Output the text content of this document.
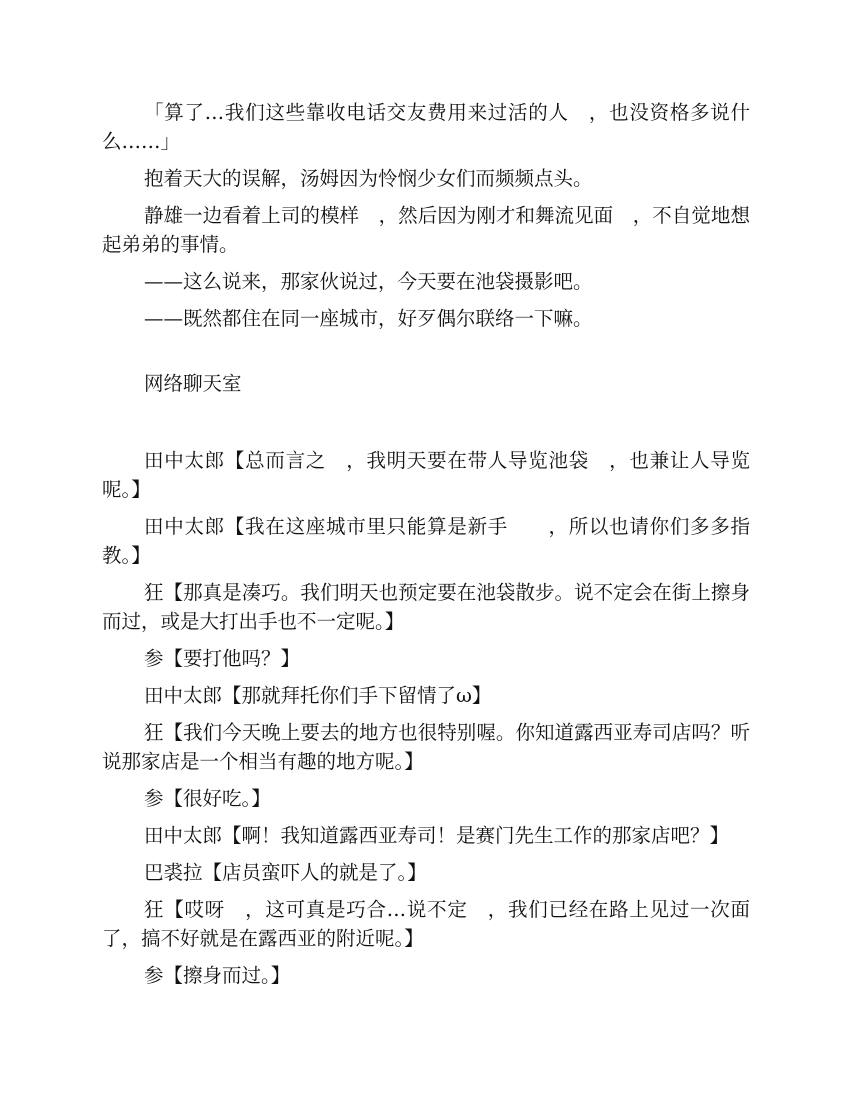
「算了…我们这些靠收电话交友费用来过活的人　，也没资格多说什么……」

抱着天大的误解，汤姆因为怜悯少女们而频频点头。

静雄一边看着上司的模样　，然后因为刚才和舞流见面　，不自觉地想起弟弟的事情。

——这么说来，那家伙说过，今天要在池袋摄影吧。

——既然都住在同一座城市，好歹偶尔联络一下嘛。

网络聊天室

田中太郎【总而言之　，我明天要在带人导览池袋　，也兼让人导览呢。】

田中太郎【我在这座城市里只能算是新手　　，所以也请你们多多指教。】

狂【那真是凑巧。我们明天也预定要在池袋散步。说不定会在街上擦身而过，或是大打出手也不一定呢。】

参【要打他吗？】

田中太郎【那就拜托你们手下留情了ω】

狂【我们今天晚上要去的地方也很特别喔。你知道露西亚寿司店吗？听说那家店是一个相当有趣的地方呢。】

参【很好吃。】

田中太郎【啊！我知道露西亚寿司！是赛门先生工作的那家店吧？】

巴裘拉【店员蛮吓人的就是了。】

狂【哎呀　，这可真是巧合…说不定　，我们已经在路上见过一次面了，搞不好就是在露西亚的附近呢。】

参【擦身而过。】
